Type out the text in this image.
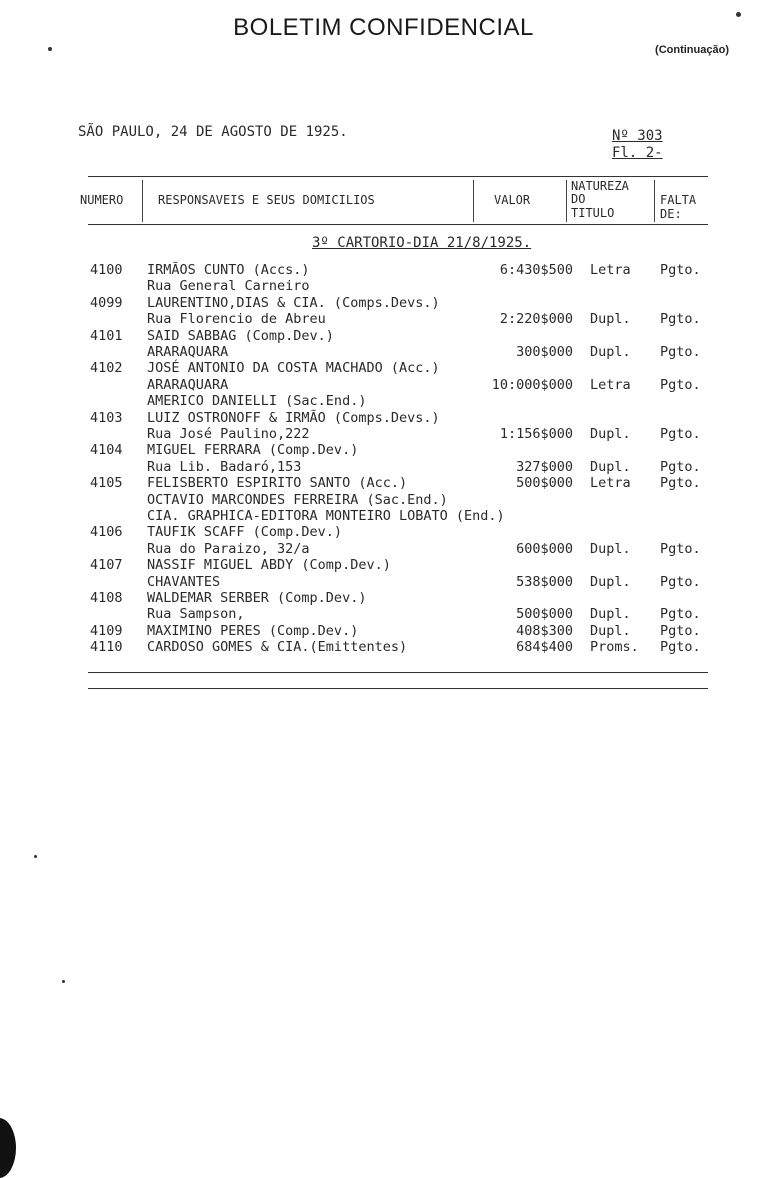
BOLETIM CONFIDENCIAL
(Continuação)
SÃO PAULO, 24 DE AGOSTO DE 1925.	Nº 303
Fl. 2-
NUMERO	RESPONSAVEIS E SEUS DOMICILIOS	VALOR
NATUREZA
DO
TITULO
FALTA
DE:
3º CARTORIO-DIA 21/8/1925.
4100 IRMÃOS CUNTO (Accs.)	6:430$500 Letra Pgto.
Rua General Carneiro
4099 LAURENTINO,DIAS & CIA. (Comps.Devs.)
Rua Florencio de Abreu	2:220$000 Dupl. Pgto.
4101 SAID SABBAG (Comp.Dev.)
ARARAQUARA	300$000 Dupl. Pgto.
4102 JOSÉ ANTONIO DA COSTA MACHADO (Acc.)
ARARAQUARA	10:000$000 Letra Pgto.
AMERICO DANIELLI (Sac.End.)
4103 LUIZ OSTRONOFF & IRMÃO (Comps.Devs.)
Rua José Paulino,222	1:156$000 Dupl. Pgto.
4104 MIGUEL FERRARA (Comp.Dev.)
Rua Lib. Badaró,153	327$000 Dupl. Pgto.
4105 FELISBERTO ESPIRITO SANTO (Acc.)	500$000 Letra Pgto.
OCTAVIO MARCONDES FERREIRA (Sac.End.)
CIA. GRAPHICA-EDITORA MONTEIRO LOBATO (End.)
4106 TAUFIK SCAFF (Comp.Dev.)
Rua do Paraizo, 32/a	600$000 Dupl. Pgto.
4107 NASSIF MIGUEL ABDY (Comp.Dev.)
CHAVANTES	538$000 Dupl. Pgto.
4108 WALDEMAR SERBER (Comp.Dev.)
Rua Sampson,	500$000 Dupl. Pgto.
4109 MAXIMINO PERES (Comp.Dev.)	408$300 Dupl. Pgto.
4110 CARDOSO GOMES & CIA.(Emittentes)	684$400 Proms. Pgto.
